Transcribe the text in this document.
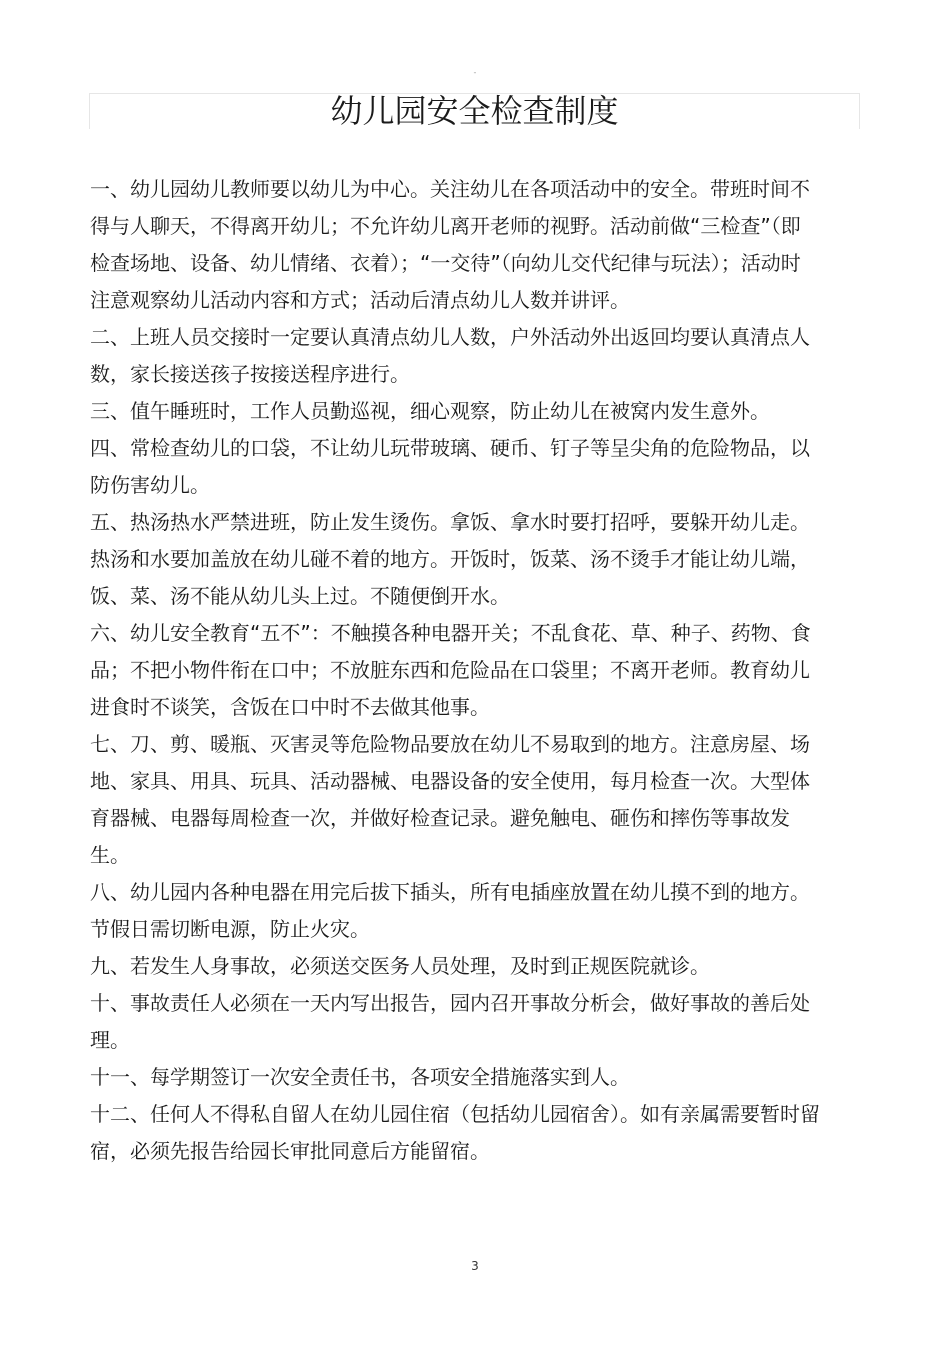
-
幼儿园安全检查制度

一、幼儿园幼儿教师要以幼儿为中心。关注幼儿在各项活动中的安全。带班时间不得与人聊天，不得离开幼儿；不允许幼儿离开老师的视野。活动前做“三检查”（即检查场地、设备、幼儿情绪、衣着）；“一交待”（向幼儿交代纪律与玩法）；活动时注意观察幼儿活动内容和方式；活动后清点幼儿人数并讲评。

二、上班人员交接时一定要认真清点幼儿人数，户外活动外出返回均要认真清点人数，家长接送孩子按接送程序进行。

三、值午睡班时，工作人员勤巡视，细心观察，防止幼儿在被窝内发生意外。

四、常检查幼儿的口袋，不让幼儿玩带玻璃、硬币、钉子等呈尖角的危险物品，以防伤害幼儿。

五、热汤热水严禁进班，防止发生烫伤。拿饭、拿水时要打招呼，要躲开幼儿走。热汤和水要加盖放在幼儿碰不着的地方。开饭时，饭菜、汤不烫手才能让幼儿端，饭、菜、汤不能从幼儿头上过。不随便倒开水。

六、幼儿安全教育“五不”：不触摸各种电器开关；不乱食花、草、种子、药物、食品；不把小物件衔在口中；不放脏东西和危险品在口袋里；不离开老师。教育幼儿进食时不谈笑，含饭在口中时不去做其他事。

七、刀、剪、暖瓶、灭害灵等危险物品要放在幼儿不易取到的地方。注意房屋、场地、家具、用具、玩具、活动器械、电器设备的安全使用，每月检查一次。大型体育器械、电器每周检查一次，并做好检查记录。避免触电、砸伤和摔伤等事故发生。

八、幼儿园内各种电器在用完后拔下插头，所有电插座放置在幼儿摸不到的地方。节假日需切断电源，防止火灾。

九、若发生人身事故，必须送交医务人员处理，及时到正规医院就诊。

十、事故责任人必须在一天内写出报告，园内召开事故分析会，做好事故的善后处理。

十一、每学期签订一次安全责任书，各项安全措施落实到人。

十二、任何人不得私自留人在幼儿园住宿（包括幼儿园宿舍）。如有亲属需要暂时留宿，必须先报告给园长审批同意后方能留宿。

3
